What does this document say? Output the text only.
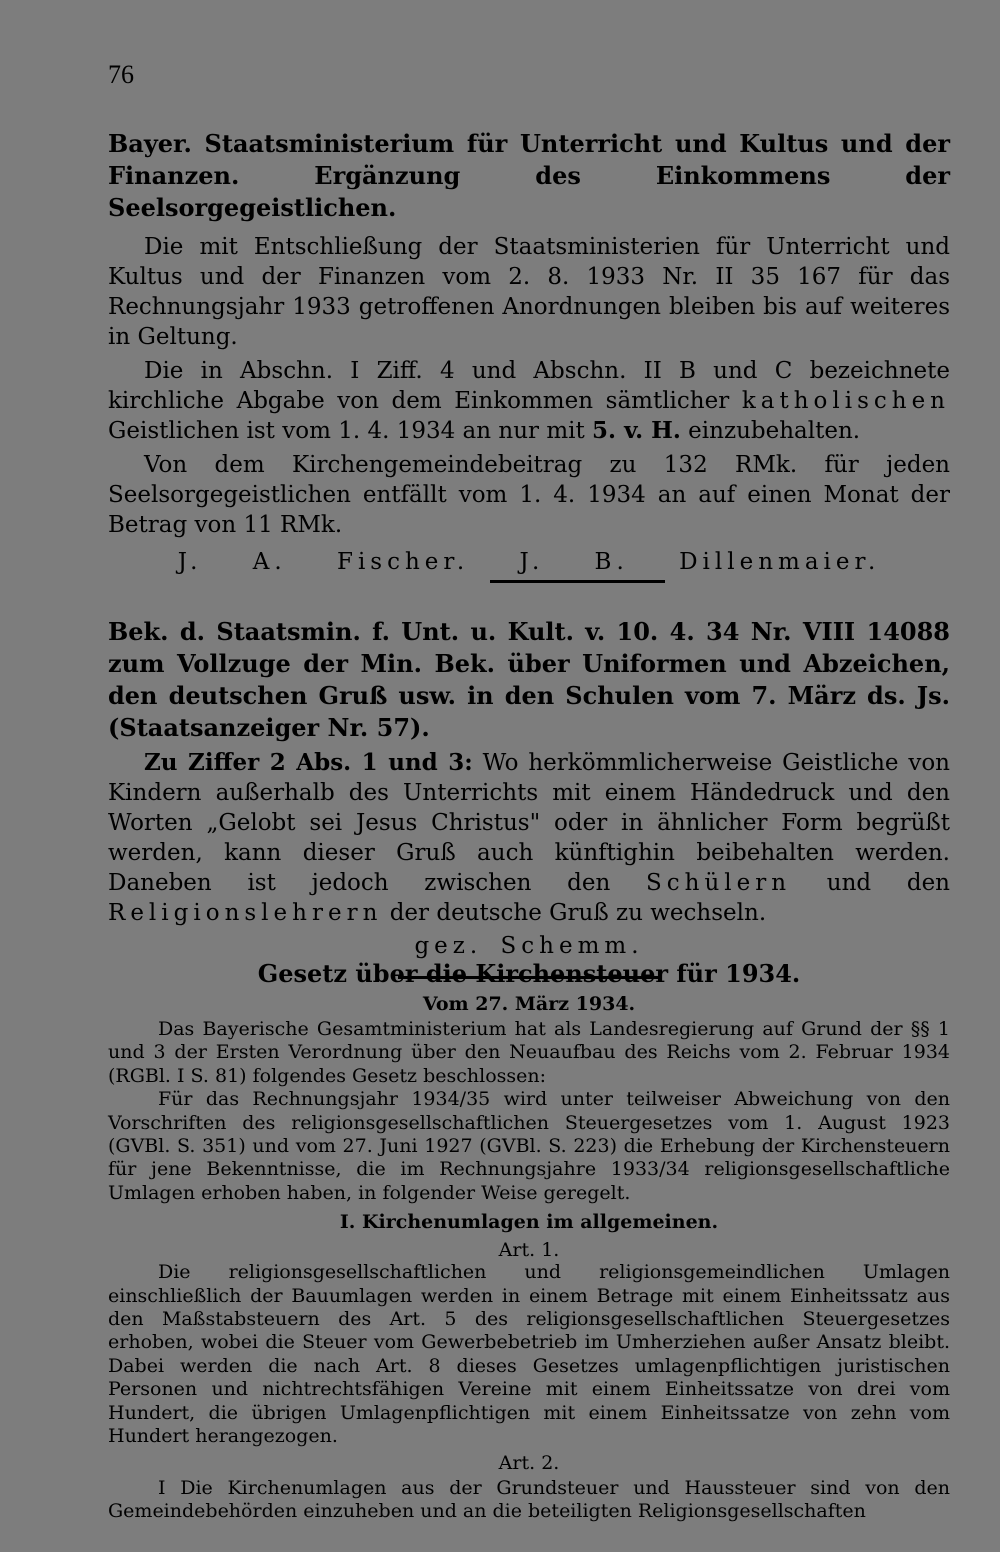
76
Bayer. Staatsministerium für Unterricht und Kultus und der Finanzen. Ergänzung des Einkommens der Seelsorgegeistlichen.

Die mit Entschließung der Staatsministerien für Unterricht und Kultus und der Finanzen vom 2. 8. 1933 Nr. II 35 167 für das Rechnungsjahr 1933 getroffenen Anordnungen bleiben bis auf weiteres in Geltung.

Die in Abschn. I Ziff. 4 und Abschn. II B und C bezeichnete kirchliche Abgabe von dem Einkommen sämtlicher katholischen Geistlichen ist vom 1. 4. 1934 an nur mit 5. v. H. einzubehalten.

Von dem Kirchengemeindebeitrag zu 132 RMk. für jeden Seelsorgegeistlichen entfällt vom 1. 4. 1934 an auf einen Monat der Betrag von 11 RMk.

J. A. Fischer. J. B. Dillenmaier.
Bek. d. Staatsmin. f. Unt. u. Kult. v. 10. 4. 34 Nr. VIII 14088 zum Vollzuge der Min. Bek. über Uniformen und Abzeichen, den deutschen Gruß usw. in den Schulen vom 7. März ds. Js. (Staatsanzeiger Nr. 57).

Zu Ziffer 2 Abs. 1 und 3: Wo herkömmlicherweise Geistliche von Kindern außerhalb des Unterrichts mit einem Händedruck und den Worten „Gelobt sei Jesus Christus" oder in ähnlicher Form begrüßt werden, kann dieser Gruß auch künftighin beibehalten werden. Daneben ist jedoch zwischen den Schülern und den Religionslehrern der deutsche Gruß zu wechseln.

gez. Schemm.
Gesetz über die Kirchensteuer für 1934.
Vom 27. März 1934.

Das Bayerische Gesamtministerium hat als Landesregierung auf Grund der §§ 1 und 3 der Ersten Verordnung über den Neuaufbau des Reichs vom 2. Februar 1934 (RGBl. I S. 81) folgendes Gesetz beschlossen:

Für das Rechnungsjahr 1934/35 wird unter teilweiser Abweichung von den Vorschriften des religionsgesellschaftlichen Steuergesetzes vom 1. August 1923 (GVBl. S. 351) und vom 27. Juni 1927 (GVBl. S. 223) die Erhebung der Kirchensteuern für jene Bekenntnisse, die im Rechnungsjahre 1933/34 religionsgesellschaftliche Umlagen erhoben haben, in folgender Weise geregelt.

I. Kirchenumlagen im allgemeinen.
Art. 1.

Die religionsgesellschaftlichen und religionsgemeindlichen Umlagen einschließlich der Bauumlagen werden in einem Betrage mit einem Einheitssatz aus den Maßstabsteuern des Art. 5 des religionsgesellschaftlichen Steuergesetzes erhoben, wobei die Steuer vom Gewerbebetrieb im Umherziehen außer Ansatz bleibt. Dabei werden die nach Art. 8 dieses Gesetzes umlagenpflichtigen juristischen Personen und nichtrechtsfähigen Vereine mit einem Einheitssatze von drei vom Hundert, die übrigen Umlagenpflichtigen mit einem Einheitssatze von zehn vom Hundert herangezogen.

Art. 2.

I Die Kirchenumlagen aus der Grundsteuer und Haussteuer sind von den Gemeindebehörden einzuheben und an die beteiligten Religionsgesellschaften
